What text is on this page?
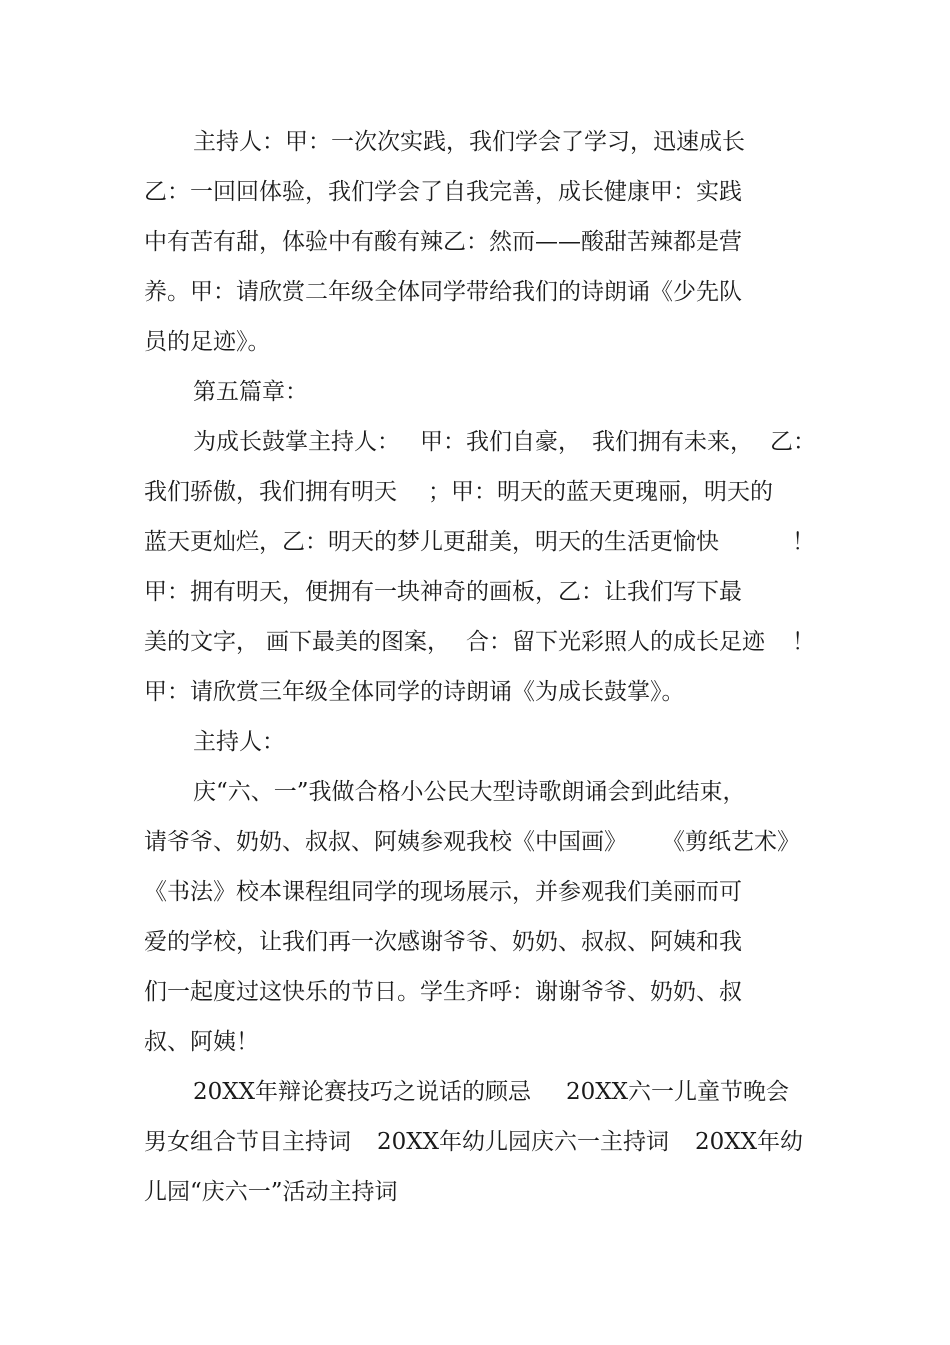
主持人：甲：一次次实践，我们学会了学习，迅速成长
乙：一回回体验，我们学会了自我完善，成长健康甲：实践
中有苦有甜，体验中有酸有辣乙：然而——酸甜苦辣都是营
养。甲：请欣赏二年级全体同学带给我们的诗朗诵《少先队
员的足迹》。
第五篇章：
为成长鼓掌主持人： 甲：我们自豪， 我们拥有未来， 乙：
我们骄傲，我们拥有明天 ；甲：明天的蓝天更瑰丽，明天的
蓝天更灿烂，乙：明天的梦儿更甜美，明天的生活更愉快	！
甲：拥有明天，便拥有一块神奇的画板，乙：让我们写下最
美的文字， 画下最美的图案， 合：留下光彩照人的成长足迹 ！
甲：请欣赏三年级全体同学的诗朗诵《为成长鼓掌》。
主持人：
庆“六、一”我做合格小公民大型诗歌朗诵会到此结束，
请爷爷、奶奶、叔叔、阿姨参观我校《中国画》 《剪纸艺术》
《书法》校本课程组同学的现场展示，并参观我们美丽而可
爱的学校，让我们再一次感谢爷爷、奶奶、叔叔、阿姨和我
们一起度过这快乐的节日。学生齐呼：谢谢爷爷、奶奶、叔
叔、阿姨！
20XX年辩论赛技巧之说话的顾忌 20XX六一儿童节晚会
男女组合节目主持词 20XX年幼儿园庆六一主持词 20XX年幼
儿园“庆六一”活动主持词
